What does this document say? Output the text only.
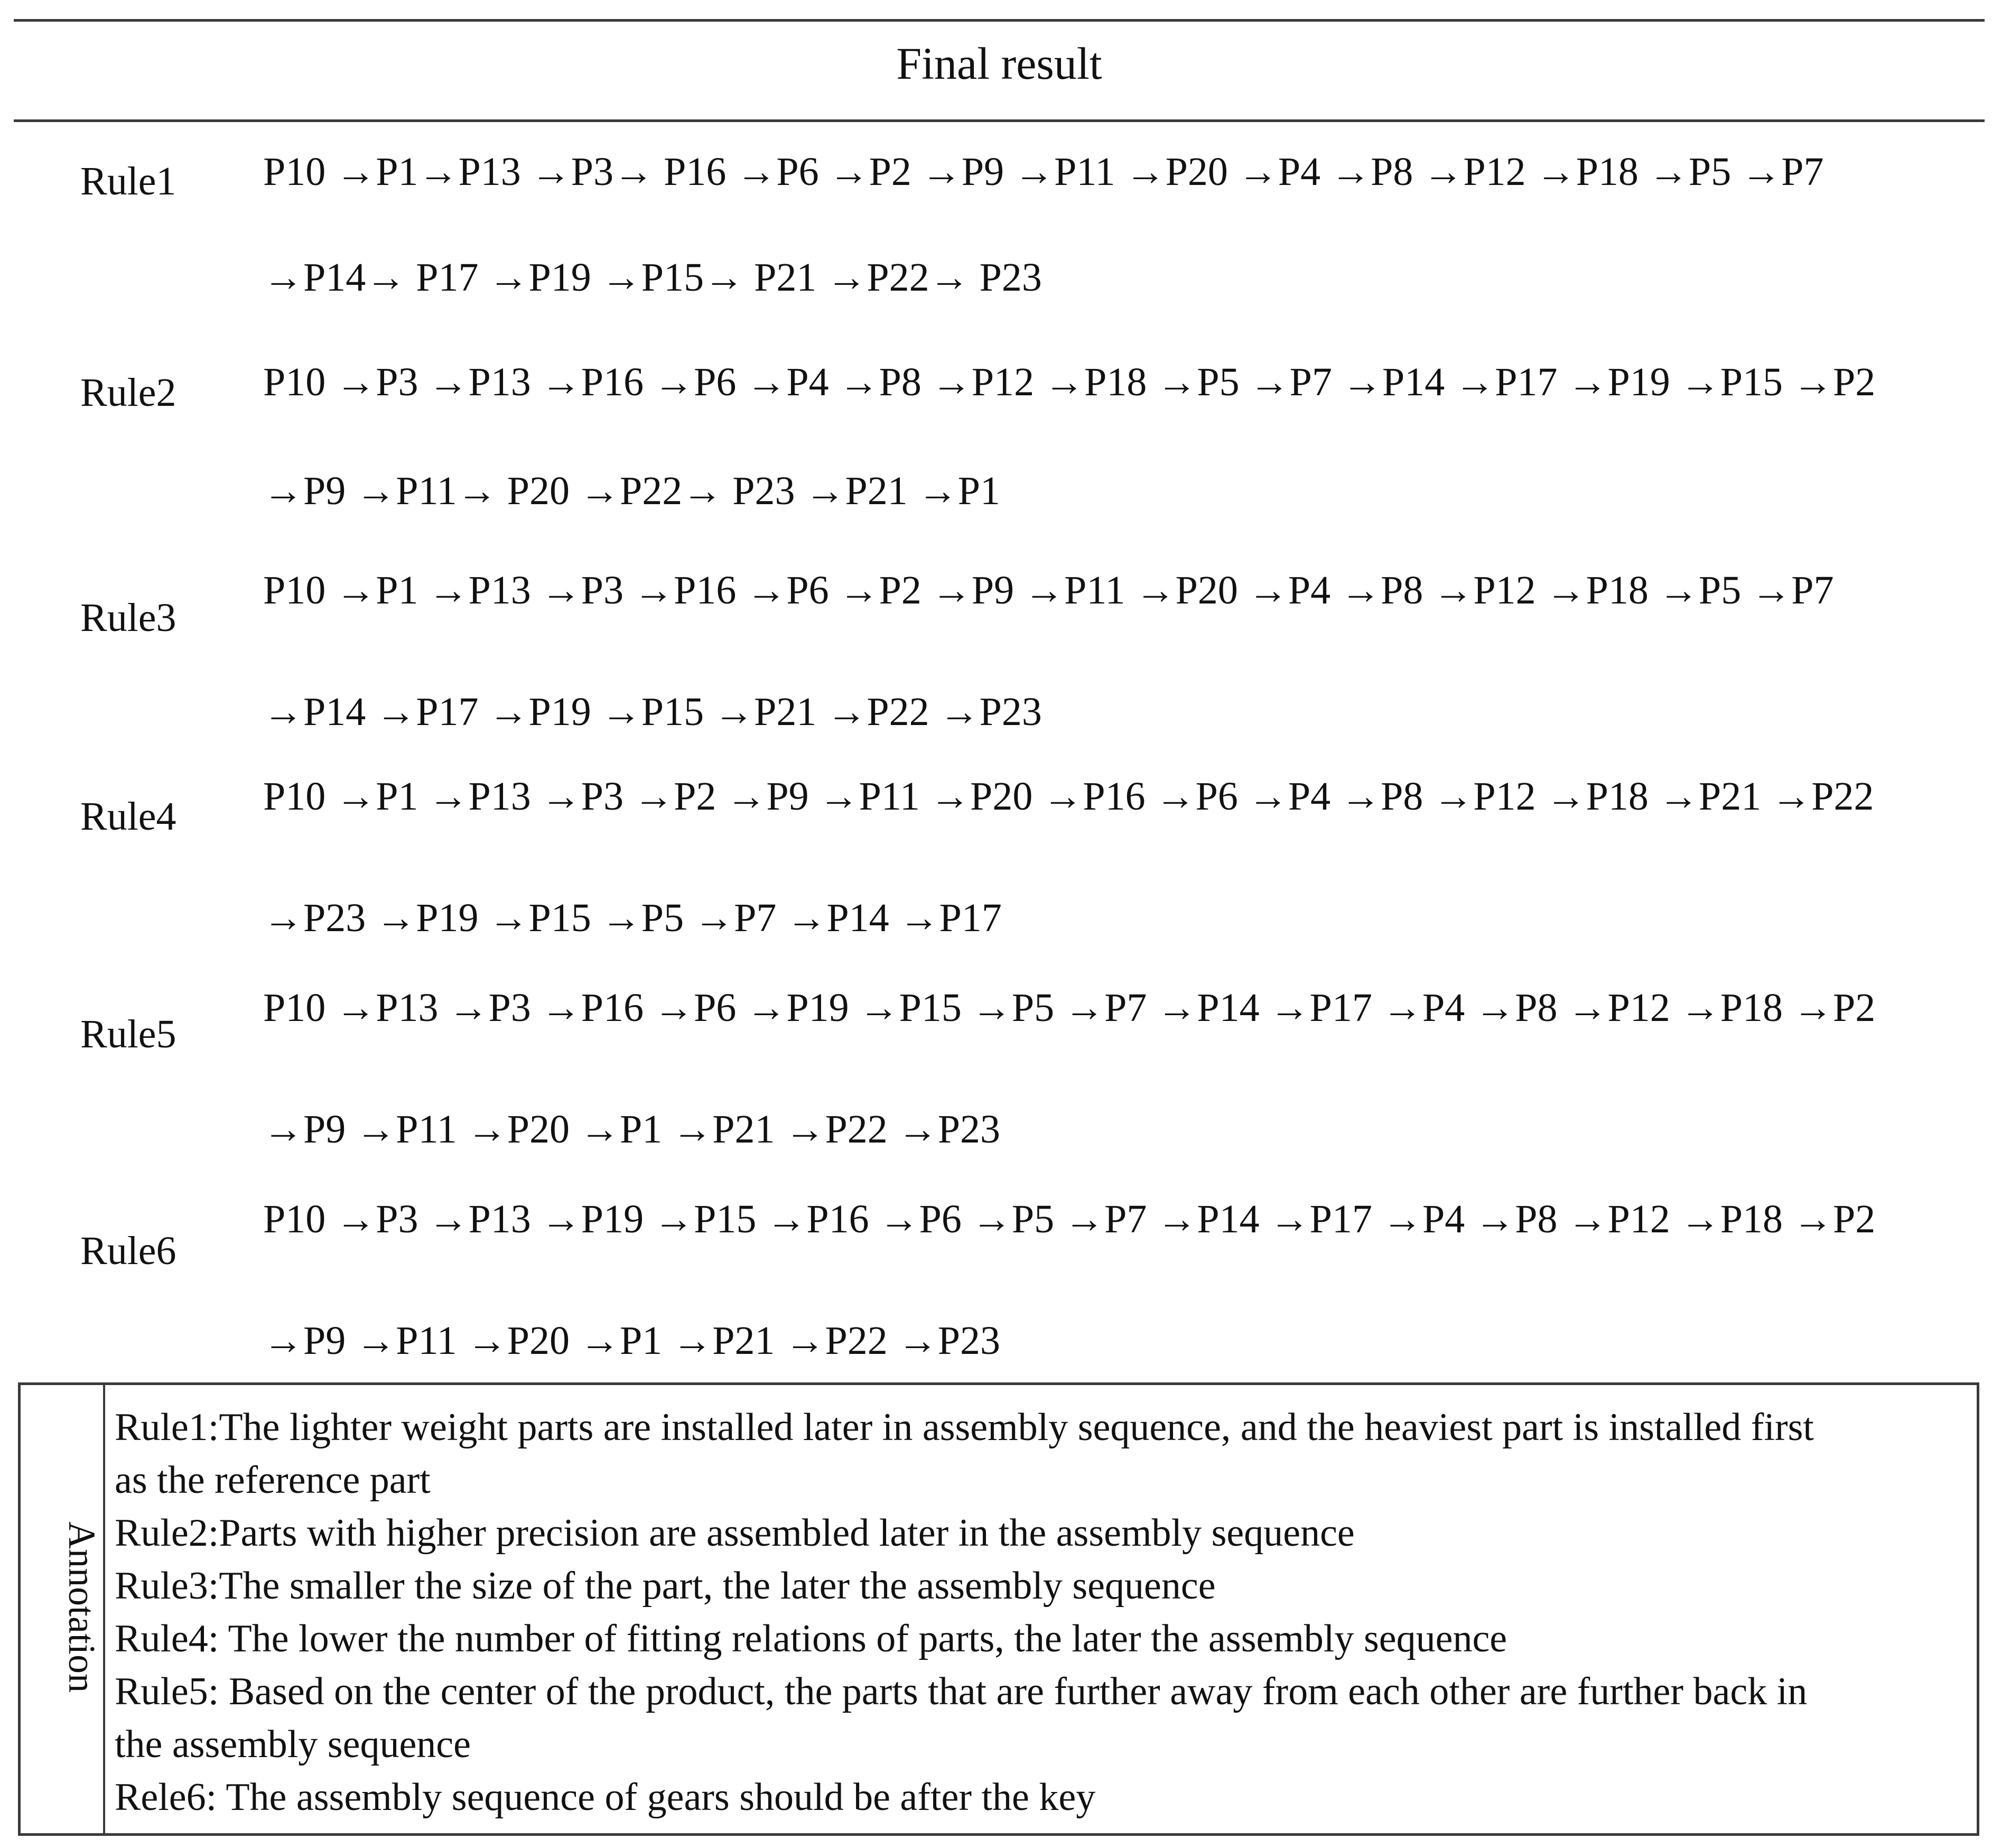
Final result
Rule1 P10 →P1→P13 →P3→ P16 →P6 →P2 →P9 →P11 →P20 →P4 →P8 →P12 →P18 →P5 →P7
→P14→ P17 →P19 →P15→ P21 →P22→ P23
Rule2 P10 →P3 →P13 →P16 →P6 →P4 →P8 →P12 →P18 →P5 →P7 →P14 →P17 →P19 →P15 →P2
→P9 →P11→ P20 →P22→ P23 →P21 →P1
Rule3
P10 →P1 →P13 →P3 →P16 →P6 →P2 →P9 →P11 →P20 →P4 →P8 →P12 →P18 →P5 →P7
→P14 →P17 →P19 →P15 →P21 →P22 →P23
Rule4 P10 →P1 →P13 →P3 →P2 →P9 →P11 →P20 →P16 →P6 →P4 →P8 →P12 →P18 →P21 →P22
→P23 →P19 →P15 →P5 →P7 →P14 →P17
Rule5
P10 →P13 →P3 →P16 →P6 →P19 →P15 →P5 →P7 →P14 →P17 →P4 →P8 →P12 →P18 →P2
→P9 →P11 →P20 →P1 →P21 →P22 →P23
Rule6
P10 →P3 →P13 →P19 →P15 →P16 →P6 →P5 →P7 →P14 →P17 →P4 →P8 →P12 →P18 →P2
→P9 →P11 →P20 →P1 →P21 →P22 →P23
Annotation
Rule1:The lighter weight parts are installed later in assembly sequence, and the heaviest part is installed first
as the reference part
Rule2:Parts with higher precision are assembled later in the assembly sequence
Rule3:The smaller the size of the part, the later the assembly sequence
Rule4: The lower the number of fitting relations of parts, the later the assembly sequence
Rule5: Based on the center of the product, the parts that are further away from each other are further back in
the assembly sequence
Rele6: The assembly sequence of gears should be after the key
